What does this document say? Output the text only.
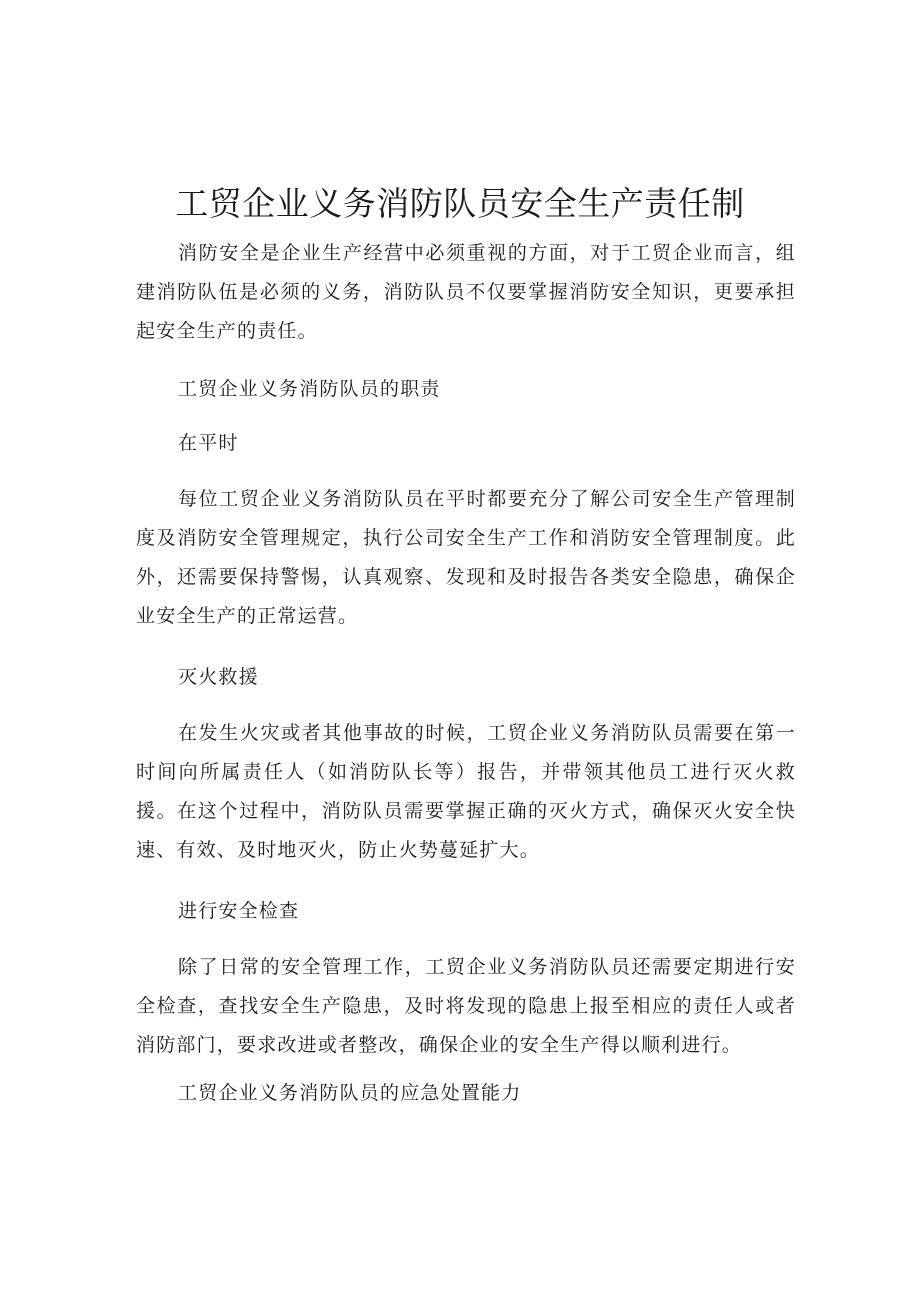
工贸企业义务消防队员安全生产责任制

消防安全是企业生产经营中必须重视的方面，对于工贸企业而言，组建消防队伍是必须的义务，消防队员不仅要掌握消防安全知识，更要承担起安全生产的责任。

工贸企业义务消防队员的职责

在平时

每位工贸企业义务消防队员在平时都要充分了解公司安全生产管理制度及消防安全管理规定，执行公司安全生产工作和消防安全管理制度。此外，还需要保持警惕，认真观察、发现和及时报告各类安全隐患，确保企业安全生产的正常运营。

灭火救援

在发生火灾或者其他事故的时候，工贸企业义务消防队员需要在第一时间向所属责任人（如消防队长等）报告，并带领其他员工进行灭火救援。在这个过程中，消防队员需要掌握正确的灭火方式，确保灭火安全快速、有效、及时地灭火，防止火势蔓延扩大。

进行安全检查

除了日常的安全管理工作，工贸企业义务消防队员还需要定期进行安全检查，查找安全生产隐患，及时将发现的隐患上报至相应的责任人或者消防部门，要求改进或者整改，确保企业的安全生产得以顺利进行。

工贸企业义务消防队员的应急处置能力
